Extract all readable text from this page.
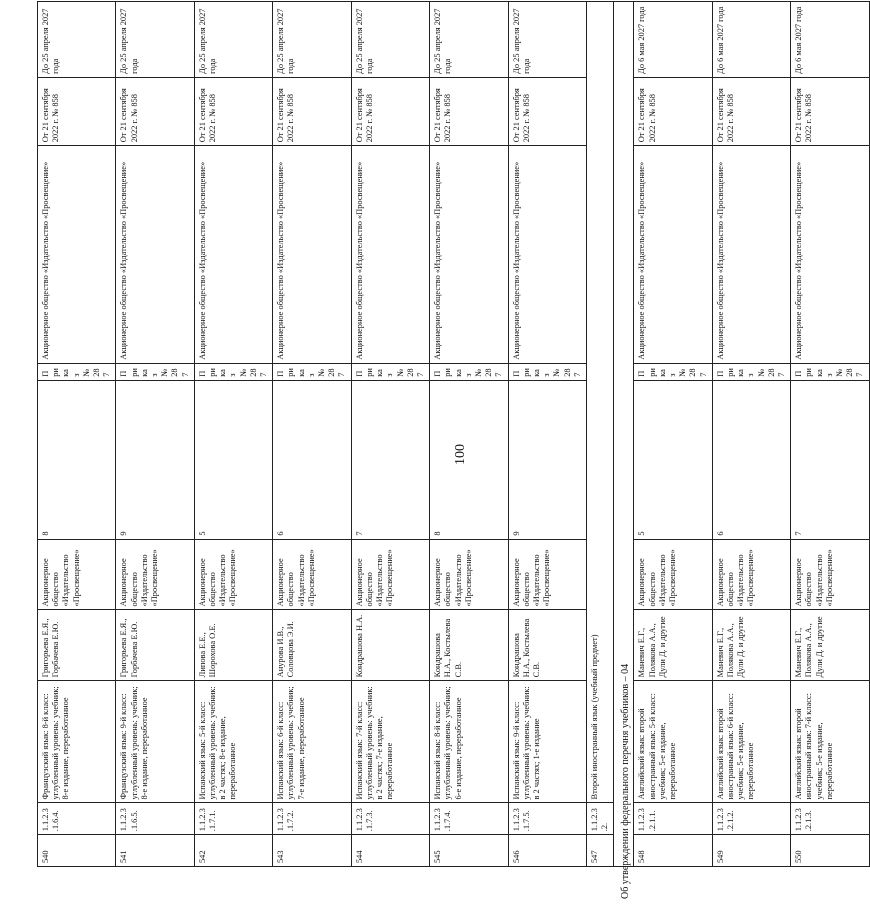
100
540	1.1.2.3.1.6.4.	Французский язык: 8-й класс: углубленный уровень: учебник; 8-е издание, переработанное	Григорьева Е.Я., Горбачева Е.Ю.	Акционерное общество «Издательство «Просвещение»	8	Приказ № 287	Акционерное общество «Издательство «Просвещение»	От 21 сентября 2022 г. № 858	До 25 апреля 2027 года
541	1.1.2.3.1.6.5.	Французский язык: 9-й класс: углубленный уровень: учебник; 8-е издание, переработанное	Григорьева Е.Я., Горбачева Е.Ю.	Акционерное общество «Издательство «Просвещение»	9	Приказ № 287	Акционерное общество «Издательство «Просвещение»	От 21 сентября 2022 г. № 858	До 25 апреля 2027 года
542	1.1.2.3.1.7.1.	Испанский язык: 5-й класс: углубленный уровень: учебник: в 2 частях; 8-е издание, переработанное	Липова Е.Е., Шорохова О.Е.	Акционерное общество «Издательство «Просвещение»	5	Приказ № 287	Акционерное общество «Издательство «Просвещение»	От 21 сентября 2022 г. № 858	До 25 апреля 2027 года
543	1.1.2.3.1.7.2.	Испанский язык: 6-й класс: углубленный уровень: учебник; 7-е издание, переработанное	Анурова И.В., Соловцова Э.И.	Акционерное общество «Издательство «Просвещение»	6	Приказ № 287	Акционерное общество «Издательство «Просвещение»	От 21 сентября 2022 г. № 858	До 25 апреля 2027 года
544	1.1.2.3.1.7.3.	Испанский язык: 7-й класс: углубленный уровень: учебник: в 2 частях; 7-е издание, переработанное	Кондрашова Н.А.	Акционерное общество «Издательство «Просвещение»	7	Приказ № 287	Акционерное общество «Издательство «Просвещение»	От 21 сентября 2022 г. № 858	До 25 апреля 2027 года
545	1.1.2.3.1.7.4.	Испанский язык: 8-й класс: углубленный уровень: учебник; 6-е издание, переработанное	Кондрашова Н.А., Костылева С.В.	Акционерное общество «Издательство «Просвещение»	8	Приказ № 287	Акционерное общество «Издательство «Просвещение»	От 21 сентября 2022 г. № 858	До 25 апреля 2027 года
546	1.1.2.3.1.7.5.	Испанский язык: 9-й класс: углубленный уровень: учебник: в 2 частях; 1-е издание	Кондрашова Н.А., Костылева С.В.	Акционерное общество «Издательство «Просвещение»	9	Приказ № 287	Акционерное общество «Издательство «Просвещение»	От 21 сентября 2022 г. № 858	До 25 апреля 2027 года
547	1.1.2.3.2.	Второй иностранный язык (учебный предмет)							

548	1.1.2.3.2.1.1.	Английский язык: второй иностранный язык: 5-й класс: учебник; 5-е издание, переработанное	Маневич Е.Г., Полякова А.А., Дули Д. и другие	Акционерное общество «Издательство «Просвещение»	5	Приказ № 287	Акционерное общество «Издательство «Просвещение»	От 21 сентября 2022 г. № 858	До 6 мая 2027 года
549	1.1.2.3.2.1.2.	Английский язык: второй иностранный язык: 6-й класс: учебник; 5-е издание, переработанное	Маневич Е.Г., Полякова А.А., Дули Д. и другие	Акционерное общество «Издательство «Просвещение»	6	Приказ № 287	Акционерное общество «Издательство «Просвещение»	От 21 сентября 2022 г. № 858	До 6 мая 2027 года
550	1.1.2.3.2.1.3.	Английский язык: второй иностранный язык: 7-й класс: учебник; 5-е издание, переработанное	Маневич Е.Г., Полякова А.А., Дули Д. и другие	Акционерное общество «Издательство «Просвещение»	7	Приказ № 287	Акционерное общество «Издательство «Просвещение»	От 21 сентября 2022 г. № 858	До 6 мая 2027 года
Об утверждении федерального перечня учебников – 04
